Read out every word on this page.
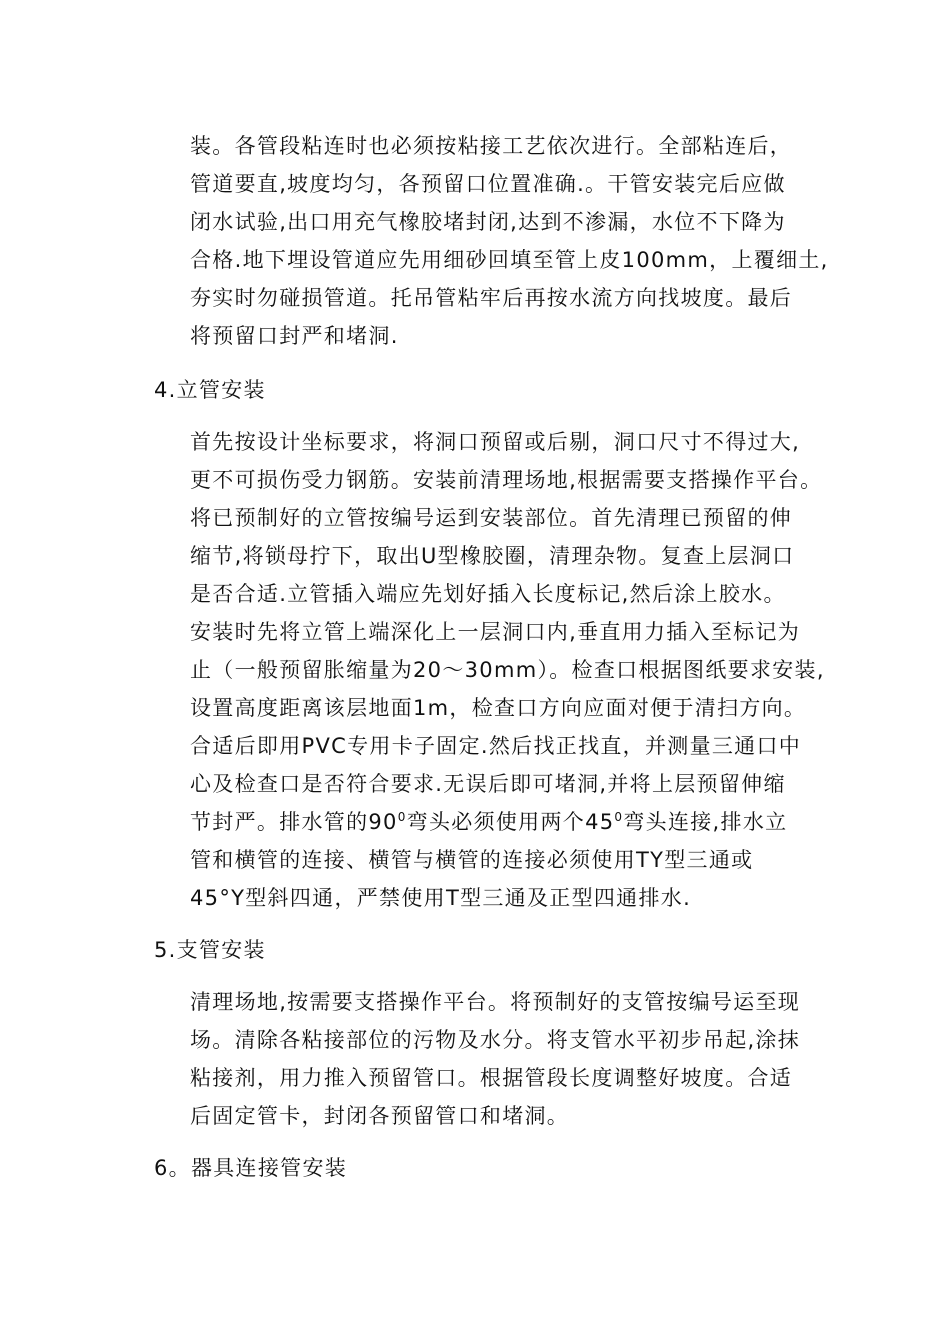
装。各管段粘连时也必须按粘接工艺依次进行。全部粘连后，
管道要直,坡度均匀，各预留口位置准确.。干管安装完后应做
闭水试验,出口用充气橡胶堵封闭,达到不渗漏，水位不下降为
合格.地下埋设管道应先用细砂回填至管上皮100mm，上覆细土,
夯实时勿碰损管道。托吊管粘牢后再按水流方向找坡度。最后
将预留口封严和堵洞.
4.立管安装
首先按设计坐标要求，将洞口预留或后剔，洞口尺寸不得过大,
更不可损伤受力钢筋。安装前清理场地,根据需要支搭操作平台。
将已预制好的立管按编号运到安装部位。首先清理已预留的伸
缩节,将锁母拧下，取出U型橡胶圈，清理杂物。复查上层洞口
是否合适.立管插入端应先划好插入长度标记,然后涂上胶水。
安装时先将立管上端深化上一层洞口内,垂直用力插入至标记为
止（一般预留胀缩量为20～30mm）。检查口根据图纸要求安装,
设置高度距离该层地面1m，检查口方向应面对便于清扫方向。
合适后即用PVC专用卡子固定.然后找正找直，并测量三通口中
心及检查口是否符合要求.无误后即可堵洞,并将上层预留伸缩
节封严。排水管的$90^0$弯头必须使用两个$45^0$弯头连接,排水立
管和横管的连接、横管与横管的连接必须使用TY型三通或
45°Y型斜四通，严禁使用T型三通及正型四通排水.
5.支管安装
清理场地,按需要支搭操作平台。将预制好的支管按编号运至现
场。清除各粘接部位的污物及水分。将支管水平初步吊起,涂抹
粘接剂，用力推入预留管口。根据管段长度调整好坡度。合适
后固定管卡，封闭各预留管口和堵洞。
6。器具连接管安装
